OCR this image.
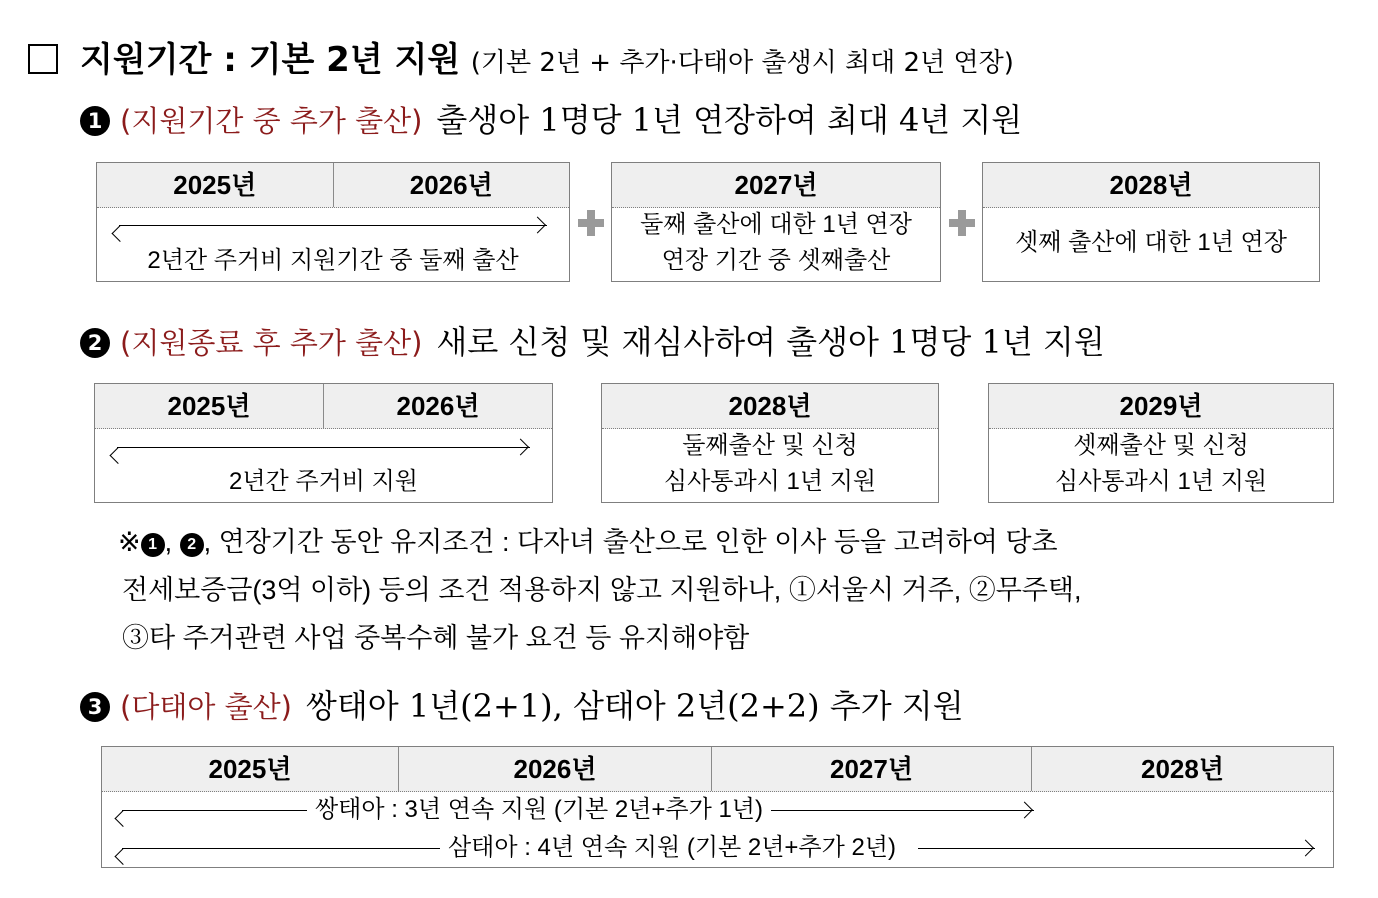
지원기간 : 기본 2년 지원 (기본 2년 + 추가·다태아 출생시 최대 2년 연장)
1 (지원기간 중 추가 출산) 출생아 1명당 1년 연장하여 최대 4년 지원
2025년	2026년
2년간 주거비 지원기간 중 둘째 출산
2027년
둘째 출산에 대한 1년 연장
연장 기간 중 셋째출산
2028년
셋째 출산에 대한 1년 연장
2 (지원종료 후 추가 출산) 새로 신청 및 재심사하여 출생아 1명당 1년 지원
2025년	2026년
2년간 주거비 지원
2028년
둘째출산 및 신청
심사통과시 1년 지원
2029년
셋째출산 및 신청
심사통과시 1년 지원
※ 1 , 2 , 연장기간 동안 유지조건 : 다자녀 출산으로 인한 이사 등을 고려하여 당초
전세보증금(3억 이하) 등의 조건 적용하지 않고 지원하나, ①서울시 거주, ②무주택,
③타 주거관련 사업 중복수혜 불가 요건 등 유지해야함
3 (다태아 출산) 쌍태아 1년(2+1), 삼태아 2년(2+2) 추가 지원
2025년	2026년	2027년	2028년
쌍태아 : 3년 연속 지원 (기본 2년+추가 1년)
삼태아 : 4년 연속 지원 (기본 2년+추가 2년)
